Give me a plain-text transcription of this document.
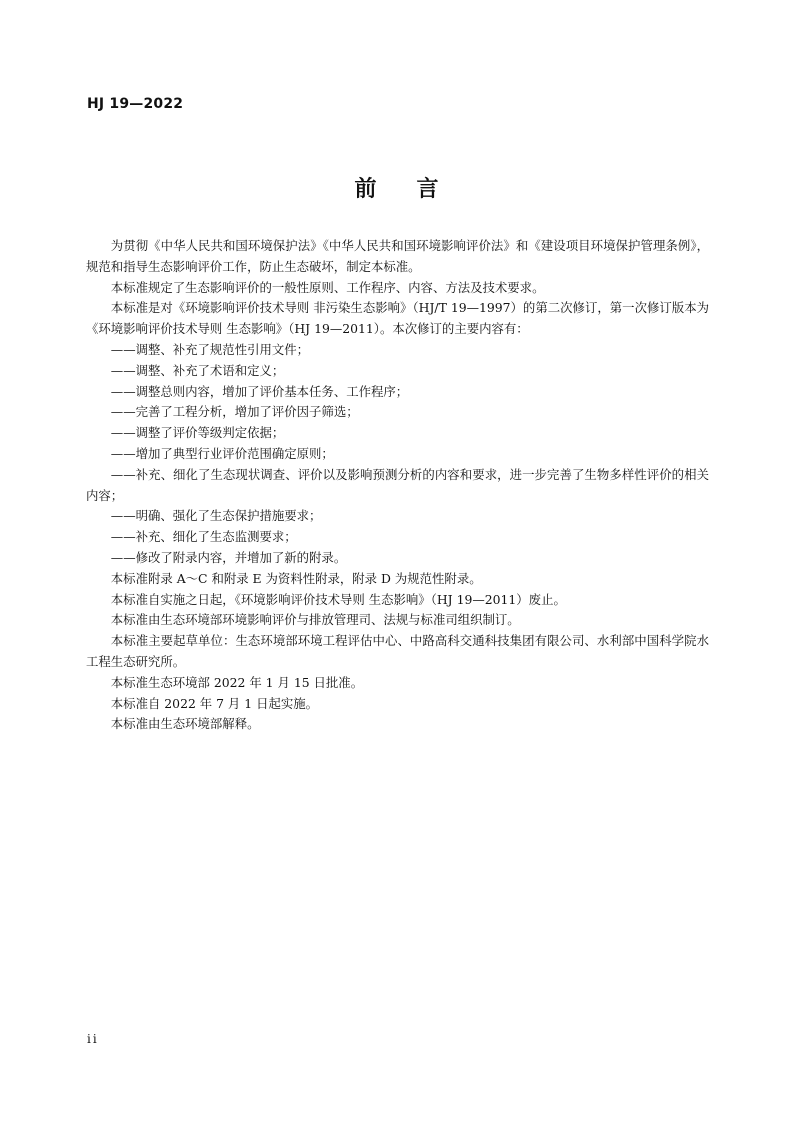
HJ 19—2022
前言

为贯彻《中华人民共和国环境保护法》《中华人民共和国环境影响评价法》和《建设项目环境保护管理条例》，规范和指导生态影响评价工作，防止生态破坏，制定本标准。

本标准规定了生态影响评价的一般性原则、工作程序、内容、方法及技术要求。

本标准是对《环境影响评价技术导则 非污染生态影响》（HJ/T 19—1997）的第二次修订，第一次修订版本为《环境影响评价技术导则 生态影响》（HJ 19—2011）。本次修订的主要内容有：

——调整、补充了规范性引用文件；

——调整、补充了术语和定义；

——调整总则内容，增加了评价基本任务、工作程序；

——完善了工程分析，增加了评价因子筛选；

——调整了评价等级判定依据；

——增加了典型行业评价范围确定原则；

——补充、细化了生态现状调查、评价以及影响预测分析的内容和要求，进一步完善了生物多样性评价的相关内容；

——明确、强化了生态保护措施要求；

——补充、细化了生态监测要求；

——修改了附录内容，并增加了新的附录。

本标准附录 A～C 和附录 E 为资料性附录，附录 D 为规范性附录。

本标准自实施之日起，《环境影响评价技术导则 生态影响》（HJ 19—2011）废止。

本标准由生态环境部环境影响评价与排放管理司、法规与标准司组织制订。

本标准主要起草单位：生态环境部环境工程评估中心、中路高科交通科技集团有限公司、水利部中国科学院水工程生态研究所。

本标准生态环境部 2022 年 1 月 15 日批准。

本标准自 2022 年 7 月 1 日起实施。

本标准由生态环境部解释。

ii
